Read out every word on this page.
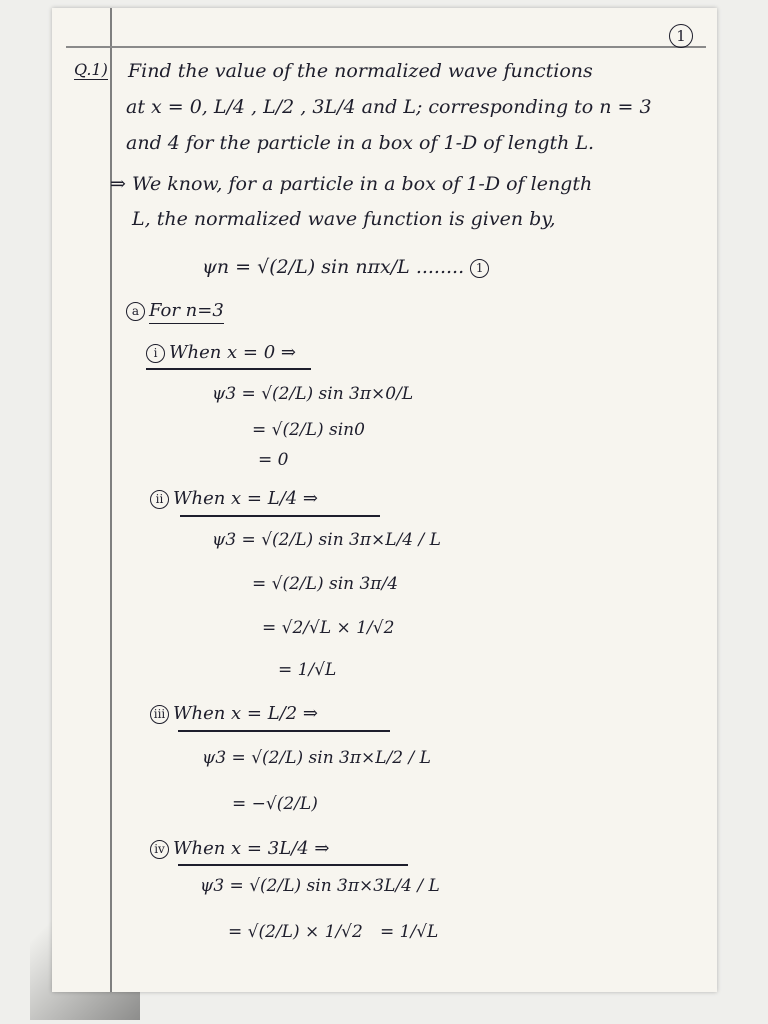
1
Q.1) Find the value of the normalized wave functions
at x = 0, L/4 , L/2 , 3L/4 and L; corresponding to n = 3
and 4 for the particle in a box of 1-D of length L.
⇒ We know, for a particle in a box of 1-D of length
L, the normalized wave function is given by,
ψn = √(2/L) sin nπx/L ........ 1
a For n=3
i When x = 0 ⇒
ψ3 = √(2/L) sin 3π×0/L
= √(2/L) sin0
= 0
ii When x = L/4 ⇒
ψ3 = √(2/L) sin 3π×L/4 / L
= √(2/L) sin 3π/4
= √2/√L × 1/√2
= 1/√L
iii When x = L/2 ⇒
ψ3 = √(2/L) sin 3π×L/2 / L
= −√(2/L)
iv When x = 3L/4 ⇒
ψ3 = √(2/L) sin 3π×3L/4 / L
= √(2/L) × 1/√2 = 1/√L
